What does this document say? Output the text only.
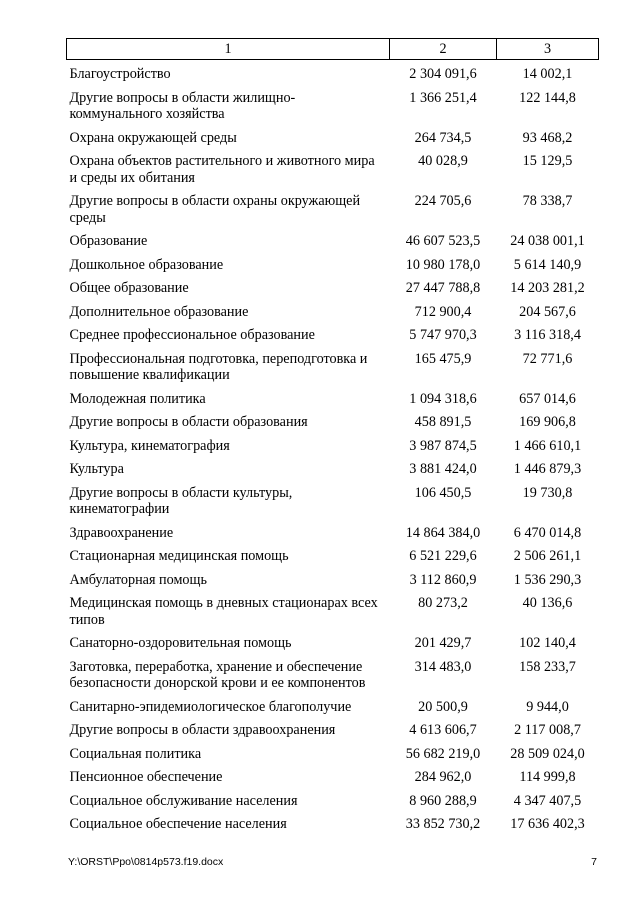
1	2	3
Благоустройство	2 304 091,6	14 002,1
Другие вопросы в области жилищно-коммунального хозяйства	1 366 251,4	122 144,8
Охрана окружающей среды	264 734,5	93 468,2
Охрана объектов растительного и животного мира и среды их обитания	40 028,9	15 129,5
Другие вопросы в области охраны окружающей среды	224 705,6	78 338,7
Образование	46 607 523,5	24 038 001,1
Дошкольное образование	10 980 178,0	5 614 140,9
Общее образование	27 447 788,8	14 203 281,2
Дополнительное образование	712 900,4	204 567,6
Среднее профессиональное образование	5 747 970,3	3 116 318,4
Профессиональная подготовка, переподготовка и повышение квалификации	165 475,9	72 771,6
Молодежная политика	1 094 318,6	657 014,6
Другие вопросы в области образования	458 891,5	169 906,8
Культура, кинематография	3 987 874,5	1 466 610,1
Культура	3 881 424,0	1 446 879,3
Другие вопросы в области культуры, кинематографии	106 450,5	19 730,8
Здравоохранение	14 864 384,0	6 470 014,8
Стационарная медицинская помощь	6 521 229,6	2 506 261,1
Амбулаторная помощь	3 112 860,9	1 536 290,3
Медицинская помощь в дневных стационарах всех типов	80 273,2	40 136,6
Санаторно-оздоровительная помощь	201 429,7	102 140,4
Заготовка, переработка, хранение и обеспечение безопасности донорской крови и ее компонентов	314 483,0	158 233,7
Санитарно-эпидемиологическое благополучие	20 500,9	9 944,0
Другие вопросы в области здравоохранения	4 613 606,7	2 117 008,7
Социальная политика	56 682 219,0	28 509 024,0
Пенсионное обеспечение	284 962,0	114 999,8
Социальное обслуживание населения	8 960 288,9	4 347 407,5
Социальное обеспечение населения	33 852 730,2	17 636 402,3
Y:\ORST\Ppo\0814p573.f19.docx	7
